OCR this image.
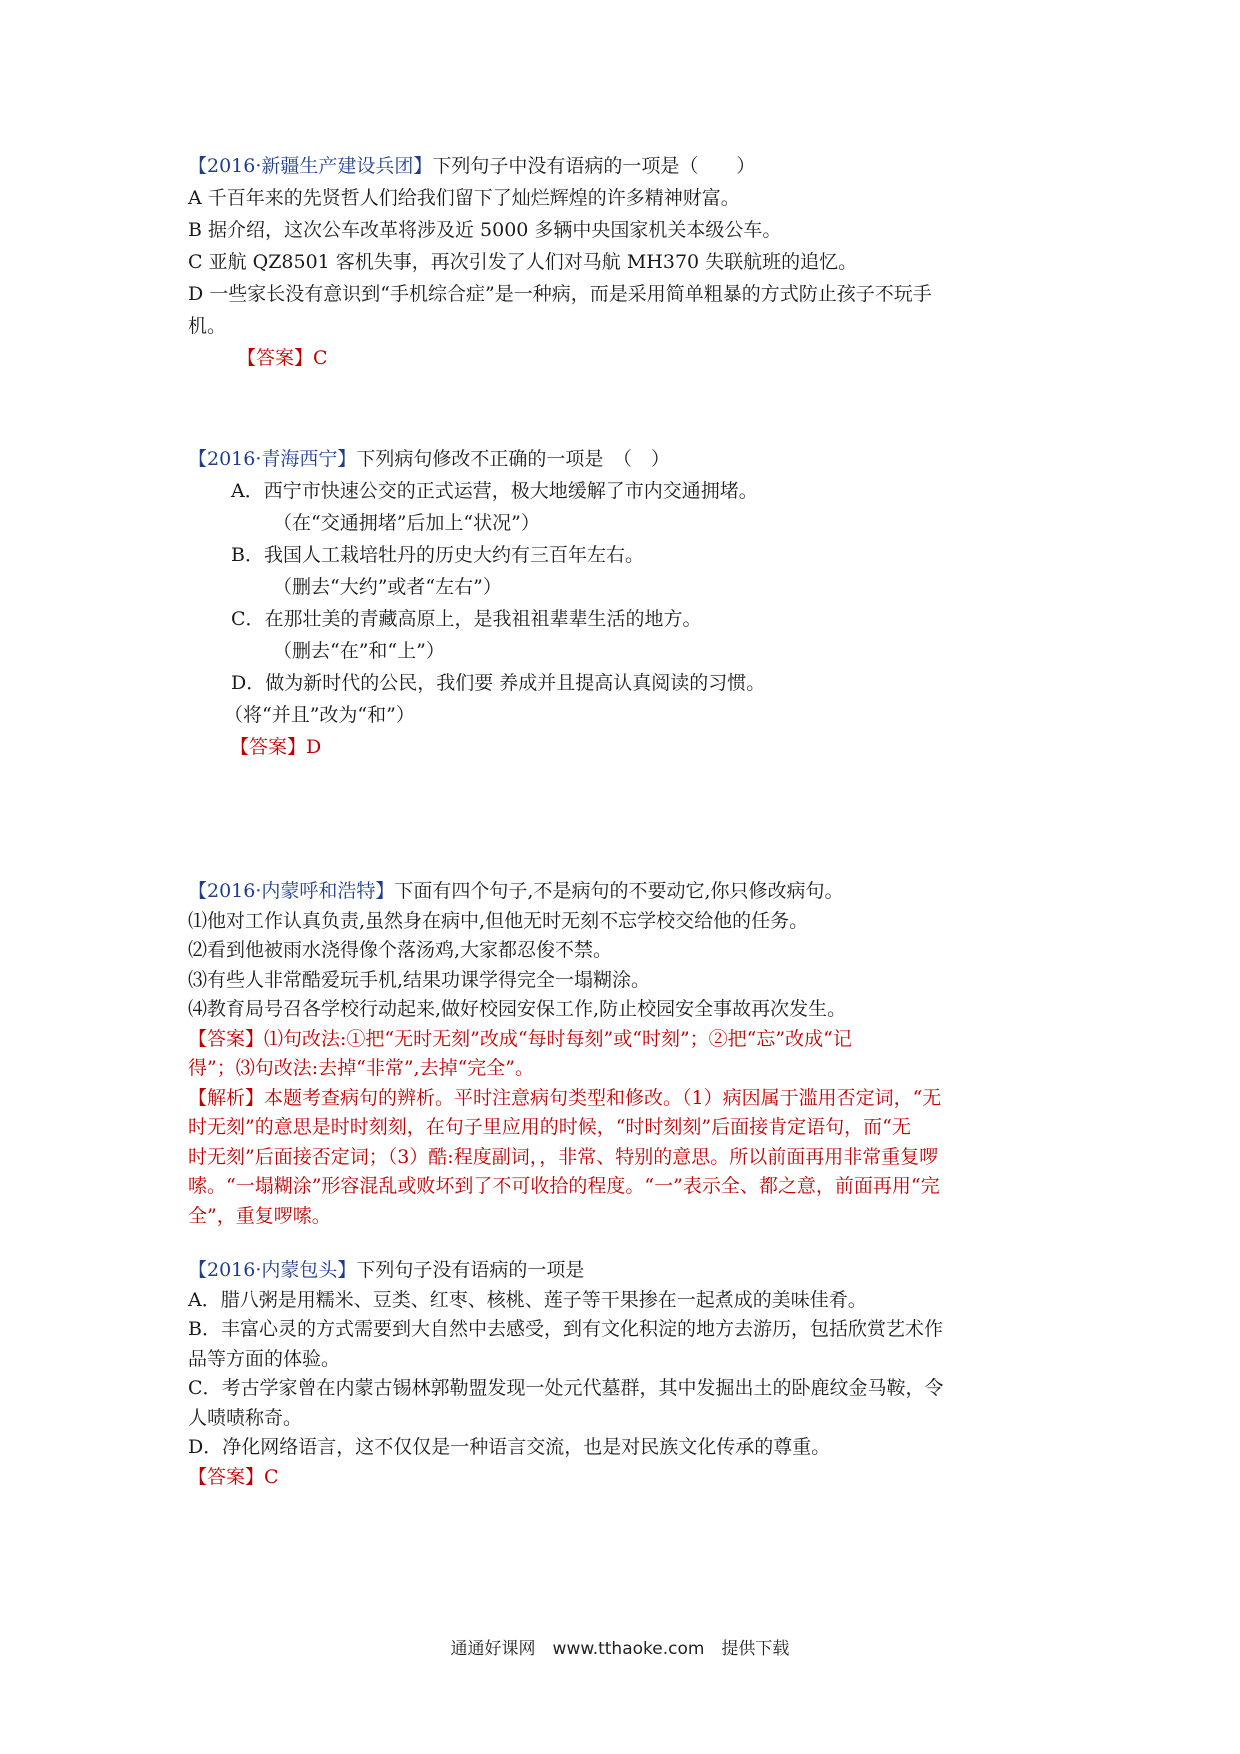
【2016·新疆生产建设兵团】下列句子中没有语病的一项是（　　）
A 千百年来的先贤哲人们给我们留下了灿烂辉煌的许多精神财富。
B 据介绍，这次公车改革将涉及近 5000 多辆中央国家机关本级公车。
C 亚航 QZ8501 客机失事，再次引发了人们对马航 MH370 失联航班的追忆。
D 一些家长没有意识到“手机综合症”是一种病，而是采用简单粗暴的方式防止孩子不玩手
机。
【答案】C
【2016·青海西宁】下列病句修改不正确的一项是　（　）
A．西宁市快速公交的正式运营，极大地缓解了市内交通拥堵。
（在“交通拥堵”后加上“状况”）
B．我国人工栽培牡丹的历史大约有三百年左右。
（删去“大约”或者“左右”）
C．在那壮美的青藏高原上，是我祖祖辈辈生活的地方。
（删去“在”和“上”）
D．做为新时代的公民，我们要 养成并且提高认真阅读的习惯。
（将“并且”改为“和”）
【答案】D
【2016·内蒙呼和浩特】下面有四个句子,不是病句的不要动它,你只修改病句。
⑴他对工作认真负责,虽然身在病中,但他无时无刻不忘学校交给他的任务。
⑵看到他被雨水浇得像个落汤鸡,大家都忍俊不禁。
⑶有些人非常酷爱玩手机,结果功课学得完全一塌糊涂。
⑷教育局号召各学校行动起来,做好校园安保工作,防止校园安全事故再次发生。
【答案】⑴句改法:①把“无时无刻”改成“每时每刻”或“时刻”；②把“忘”改成“记
得”；⑶句改法:去掉“非常”,去掉“完全”。
【解析】本题考查病句的辨析。平时注意病句类型和修改。（1）病因属于滥用否定词，“无
时无刻”的意思是时时刻刻，在句子里应用的时候，“时时刻刻”后面接肯定语句，而“无
时无刻”后面接否定词；（3）酷:程度副词，，非常、特别的意思。所以前面再用非常重复啰
嗦。“一塌糊涂”形容混乱或败坏到了不可收拾的程度。“一”表示全、都之意，前面再用“完
全”，重复啰嗦。
【2016·内蒙包头】下列句子没有语病的一项是
A．腊八粥是用糯米、豆类、红枣、核桃、莲子等干果掺在一起煮成的美味佳肴。
B．丰富心灵的方式需要到大自然中去感受，到有文化积淀的地方去游历，包括欣赏艺术作
品等方面的体验。
C．考古学家曾在内蒙古锡林郭勒盟发现一处元代墓群，其中发掘出土的卧鹿纹金马鞍，令
人啧啧称奇。
D．净化网络语言，这不仅仅是一种语言交流，也是对民族文化传承的尊重。
【答案】C
通通好课网　www.tthaoke.com　提供下载
